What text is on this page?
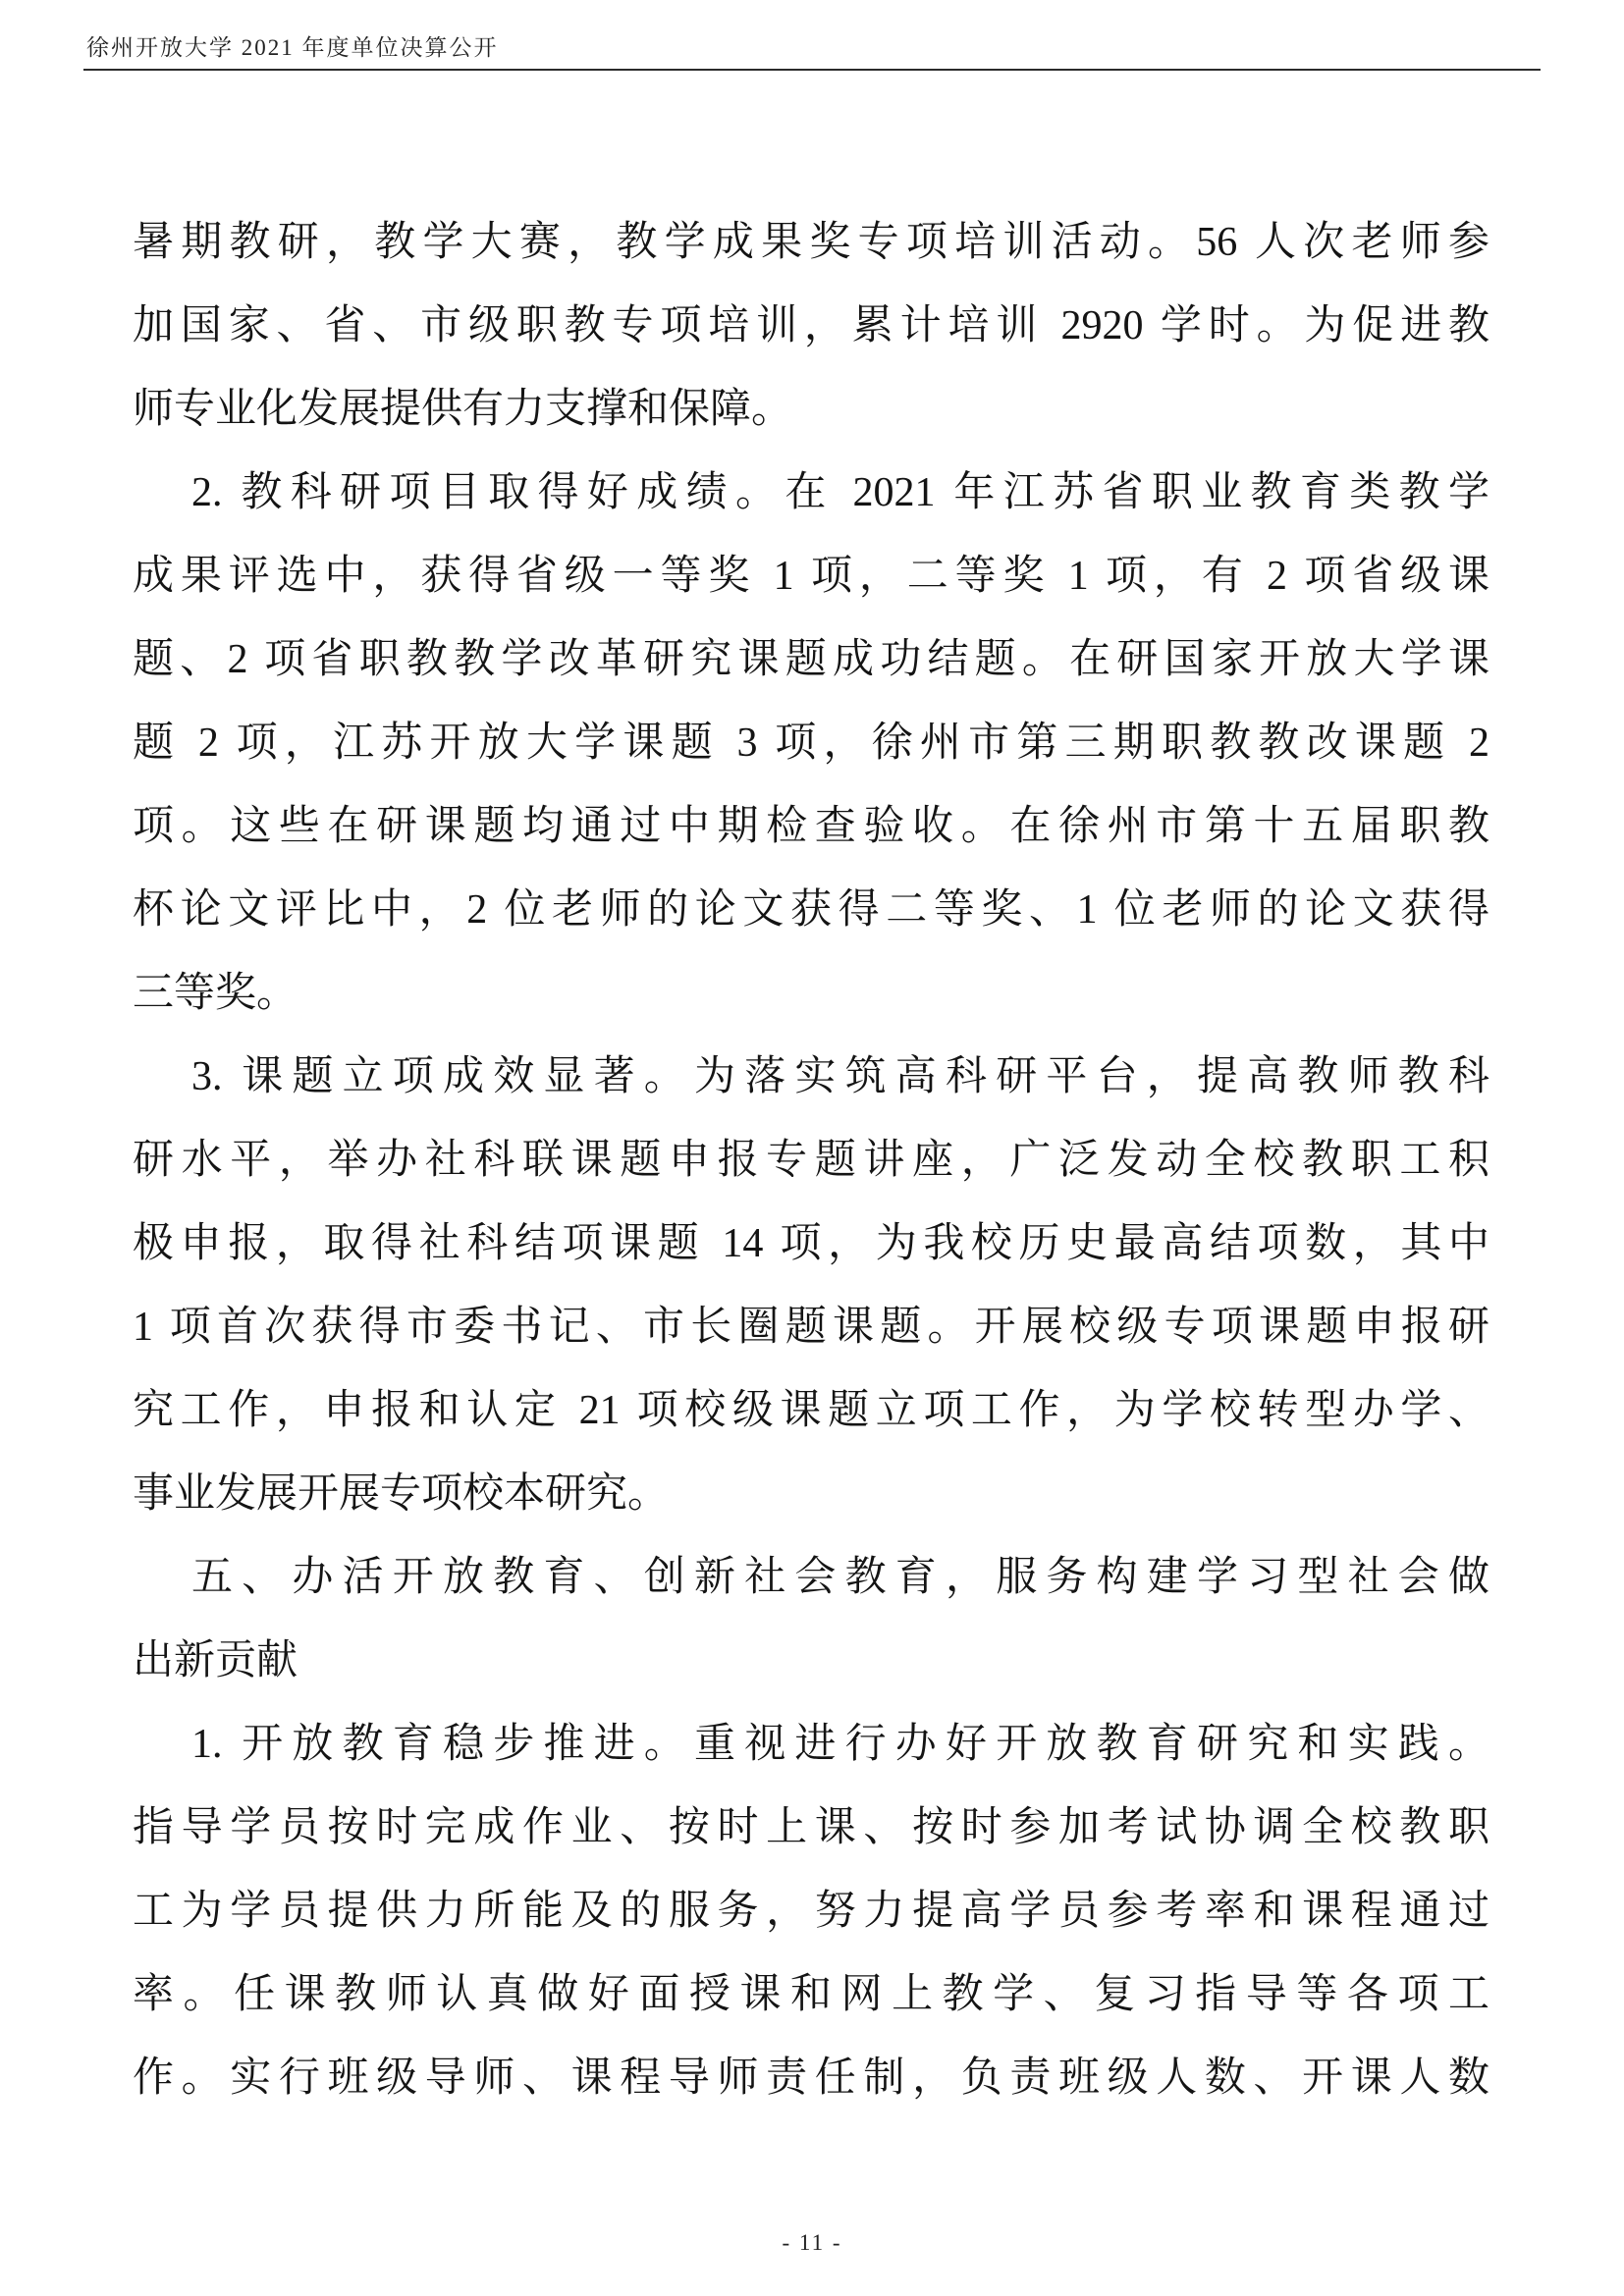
徐州开放大学 2021 年度单位决算公开
暑期教研，教学大赛，教学成果奖专项培训活动。56 人次老师参
加国家、省、市级职教专项培训，累计培训 2920 学时。为促进教
师专业化发展提供有力支撑和保障。
2. 教科研项目取得好成绩。在 2021 年江苏省职业教育类教学
成果评选中，获得省级一等奖 1 项，二等奖 1 项，有 2 项省级课
题、2 项省职教教学改革研究课题成功结题。在研国家开放大学课
题 2 项，江苏开放大学课题 3 项，徐州市第三期职教教改课题 2
项。这些在研课题均通过中期检查验收。在徐州市第十五届职教
杯论文评比中，2 位老师的论文获得二等奖、1 位老师的论文获得
三等奖。
3. 课题立项成效显著。为落实筑高科研平台，提高教师教科
研水平，举办社科联课题申报专题讲座，广泛发动全校教职工积
极申报，取得社科结项课题 14 项，为我校历史最高结项数，其中
1 项首次获得市委书记、市长圈题课题。开展校级专项课题申报研
究工作，申报和认定 21 项校级课题立项工作，为学校转型办学、
事业发展开展专项校本研究。
五、办活开放教育、创新社会教育，服务构建学习型社会做
出新贡献
1. 开放教育稳步推进。重视进行办好开放教育研究和实践。
指导学员按时完成作业、按时上课、按时参加考试协调全校教职
工为学员提供力所能及的服务，努力提高学员参考率和课程通过
率。任课教师认真做好面授课和网上教学、复习指导等各项工
作。实行班级导师、课程导师责任制，负责班级人数、开课人数
- 11 -
